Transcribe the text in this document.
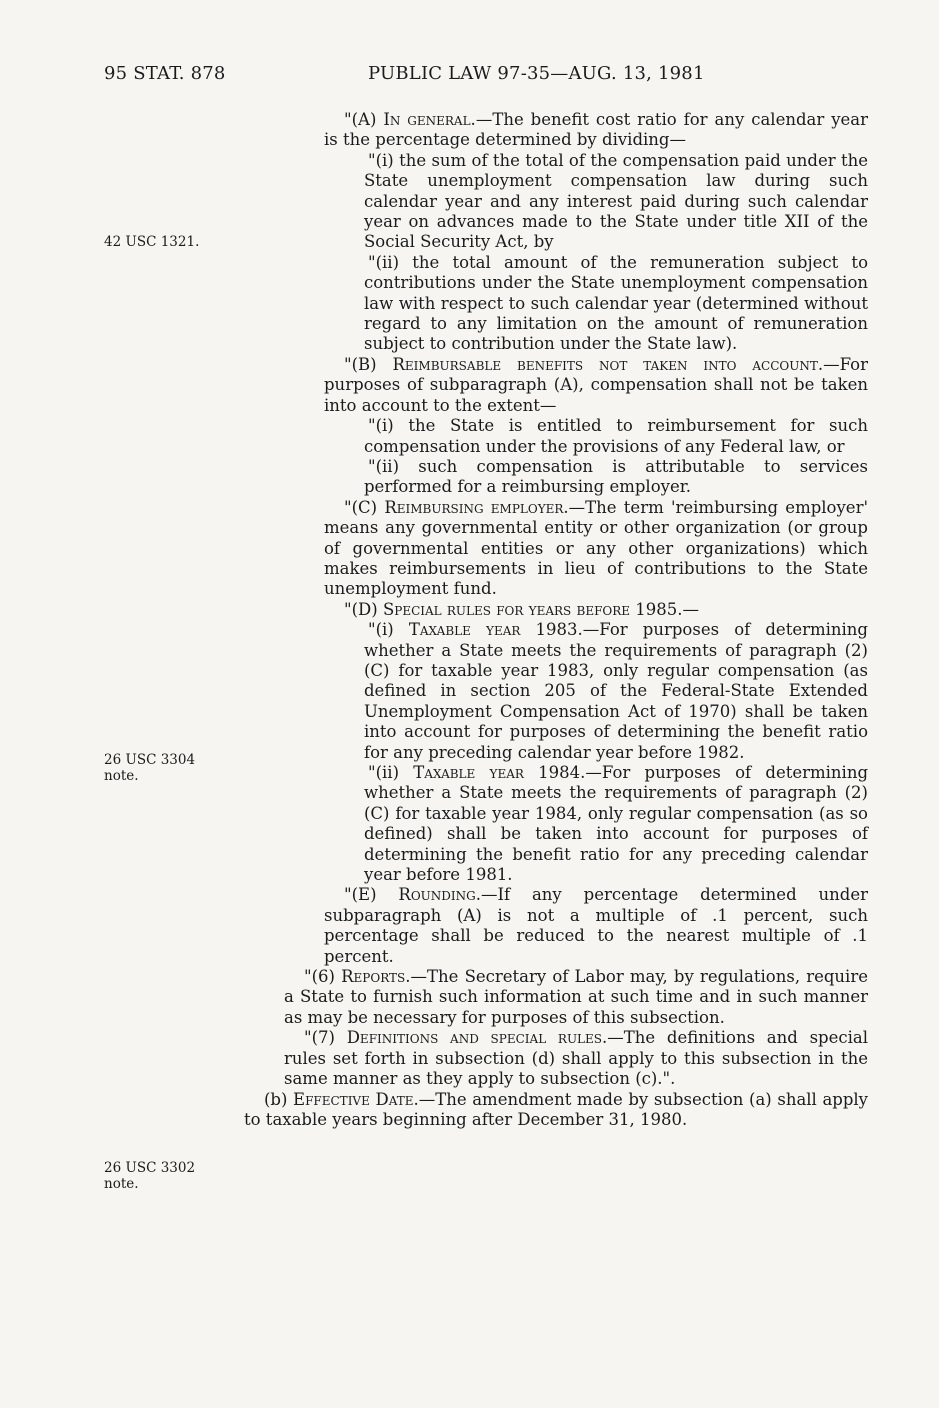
95 STAT. 878	PUBLIC LAW 97-35—AUG. 13, 1981
42 USC 1321.
26 USC 3304
note.
26 USC 3302
note.

"(A) In general.—The benefit cost ratio for any calendar year is the percentage determined by dividing—

"(i) the sum of the total of the compensation paid under the State unemployment compensation law during such calendar year and any interest paid during such calendar year on advances made to the State under title XII of the Social Security Act, by

"(ii) the total amount of the remuneration subject to contributions under the State unemployment compensation law with respect to such calendar year (determined without regard to any limitation on the amount of remuneration subject to contribution under the State law).

"(B) Reimbursable benefits not taken into account.—For purposes of subparagraph (A), compensation shall not be taken into account to the extent—

"(i) the State is entitled to reimbursement for such compensation under the provisions of any Federal law, or

"(ii) such compensation is attributable to services performed for a reimbursing employer.

"(C) Reimbursing employer.—The term 'reimbursing employer' means any governmental entity or other organization (or group of governmental entities or any other organizations) which makes reimbursements in lieu of contributions to the State unemployment fund.

"(D) Special rules for years before 1985.—

"(i) Taxable year 1983.—For purposes of determining whether a State meets the requirements of paragraph (2)(C) for taxable year 1983, only regular compensation (as defined in section 205 of the Federal-State Extended Unemployment Compensation Act of 1970) shall be taken into account for purposes of determining the benefit ratio for any preceding calendar year before 1982.

"(ii) Taxable year 1984.—For purposes of determining whether a State meets the requirements of paragraph (2)(C) for taxable year 1984, only regular compensation (as so defined) shall be taken into account for purposes of determining the benefit ratio for any preceding calendar year before 1981.

"(E) Rounding.—If any percentage determined under subparagraph (A) is not a multiple of .1 percent, such percentage shall be reduced to the nearest multiple of .1 percent.

"(6) Reports.—The Secretary of Labor may, by regulations, require a State to furnish such information at such time and in such manner as may be necessary for purposes of this subsection.

"(7) Definitions and special rules.—The definitions and special rules set forth in subsection (d) shall apply to this subsection in the same manner as they apply to subsection (c).".

(b) Effective Date.—The amendment made by subsection (a) shall apply to taxable years beginning after December 31, 1980.
